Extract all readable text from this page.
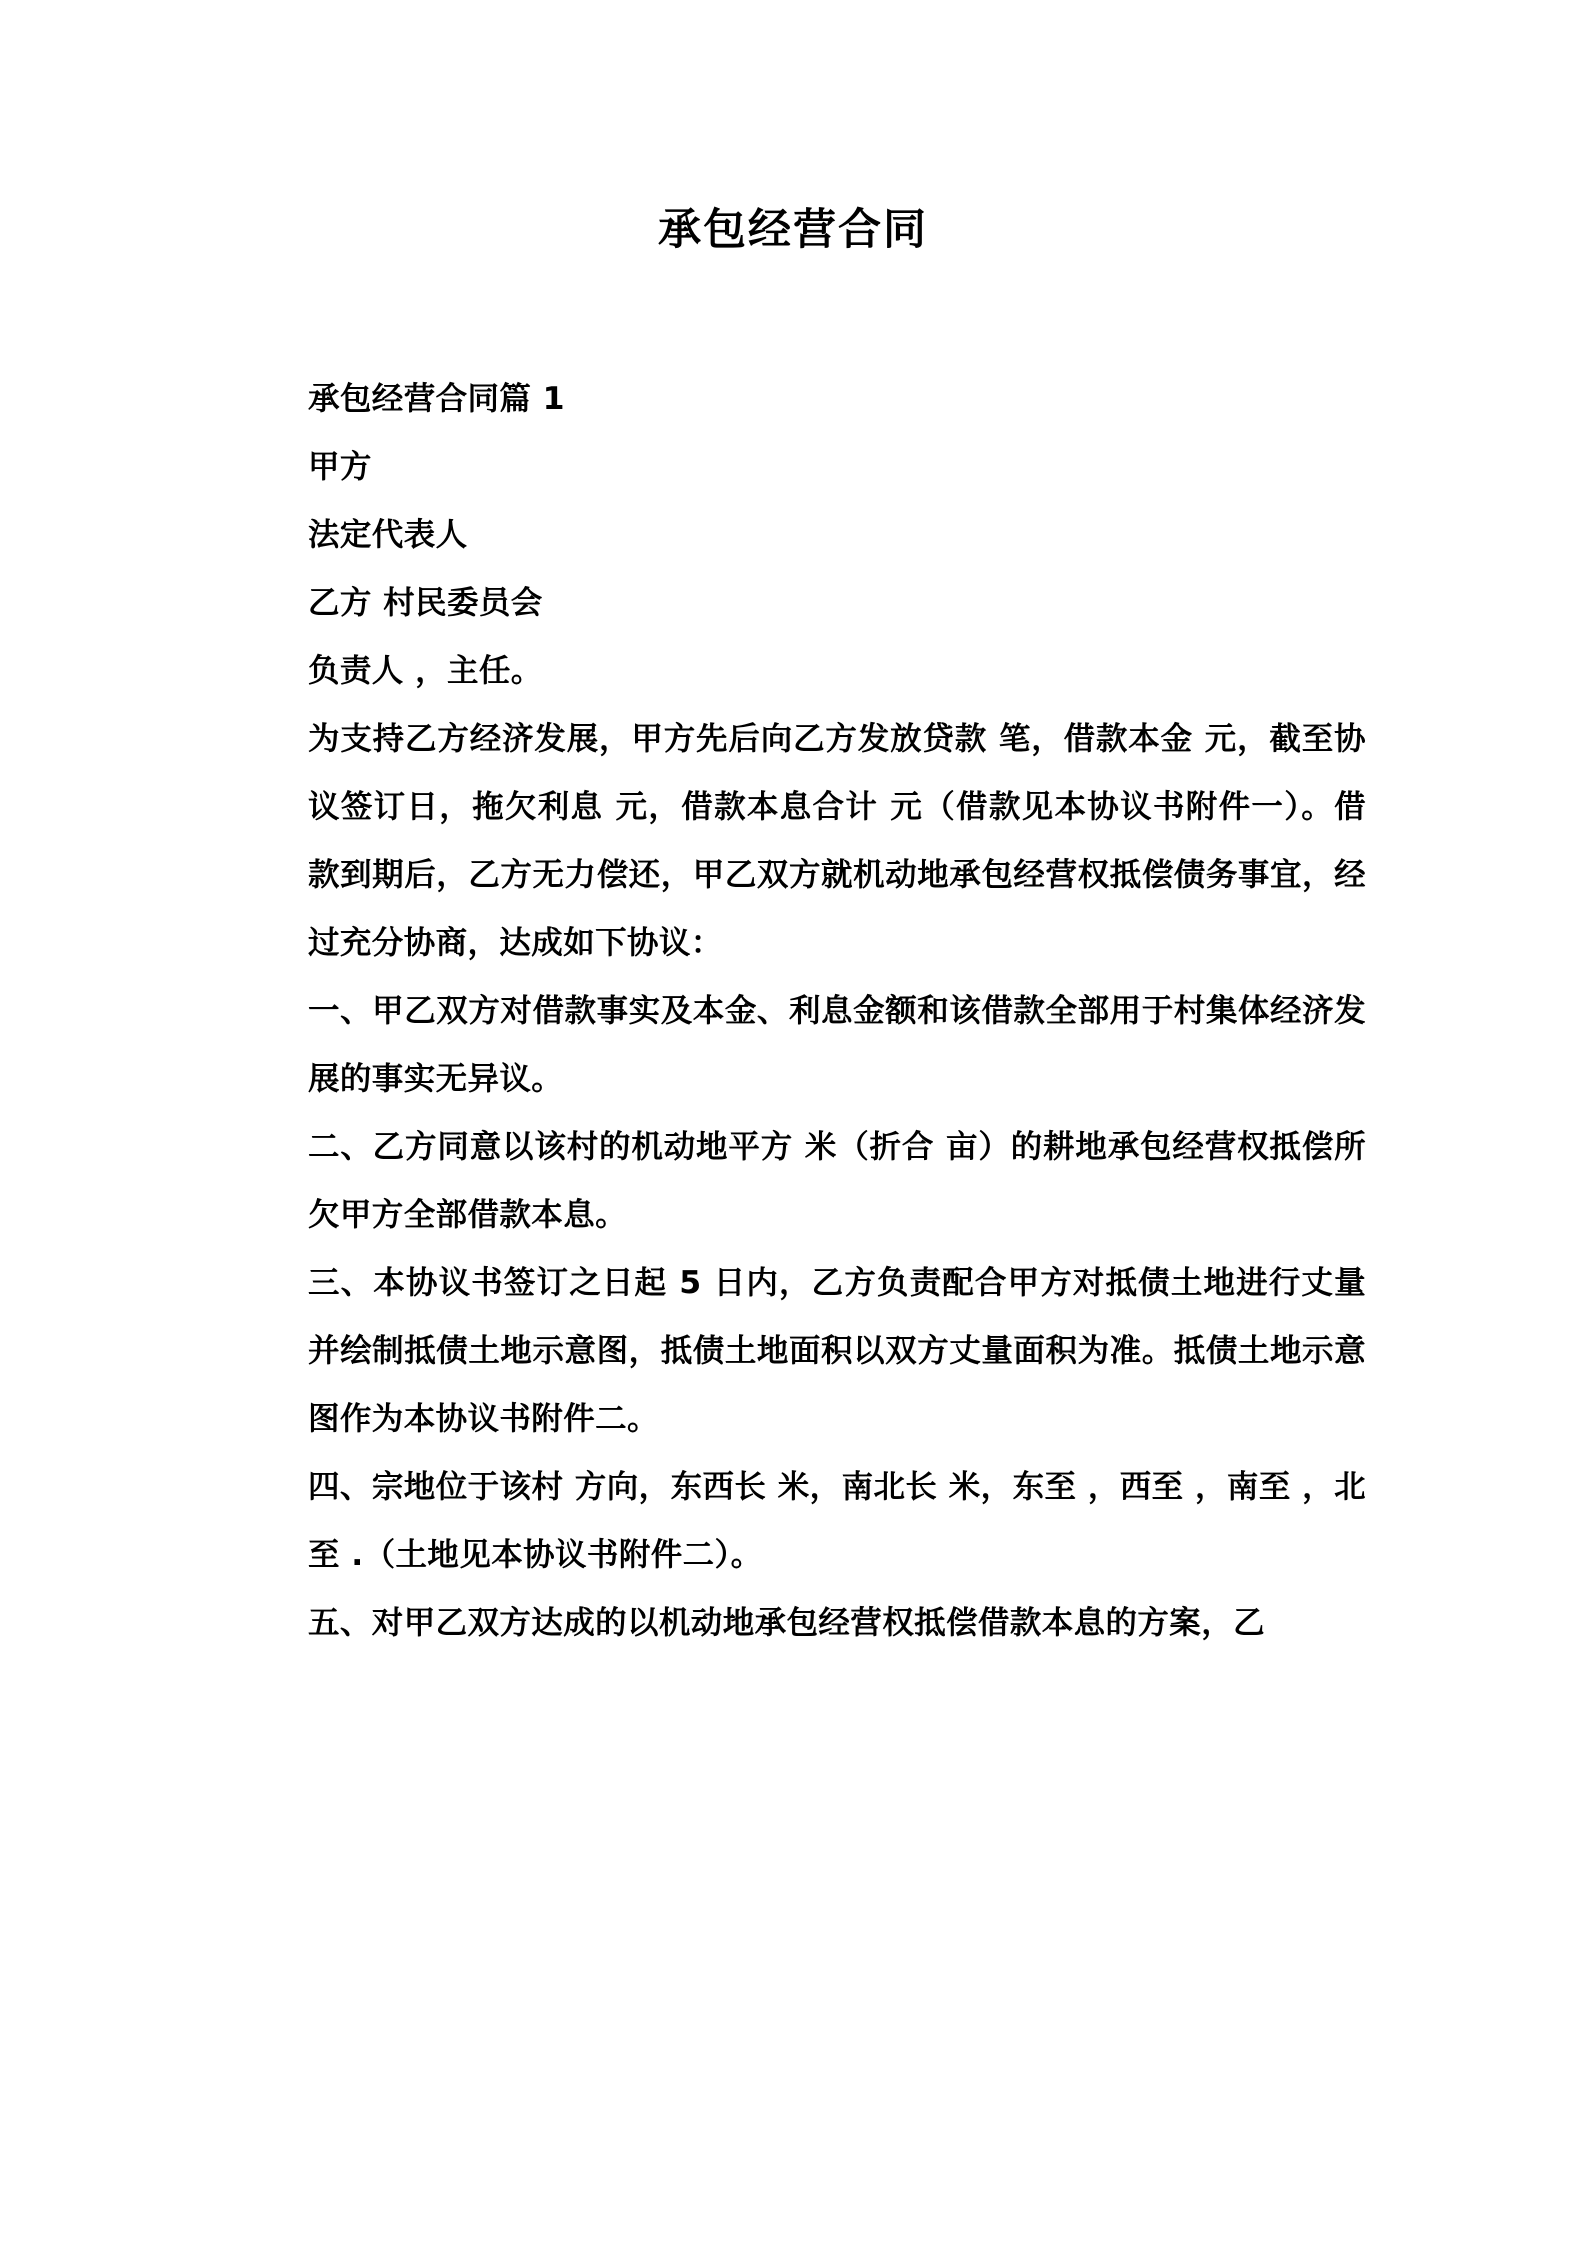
承包经营合同

承包经营合同篇 1

甲方

法定代表人

乙方 村民委员会

负责人 ，主任。

为支持乙方经济发展，甲方先后向乙方发放贷款 笔，借款本金 元，截至协议签订日，拖欠利息 元，借款本息合计 元（借款见本协议书附件一）。借款到期后，乙方无力偿还，甲乙双方就机动地承包经营权抵偿债务事宜，经过充分协商，达成如下协议：

一、甲乙双方对借款事实及本金、利息金额和该借款全部用于村集体经济发展的事实无异议。

二、乙方同意以该村的机动地平方 米（折合 亩）的耕地承包经营权抵偿所欠甲方全部借款本息。

三、本协议书签订之日起 5 日内，乙方负责配合甲方对抵债土地进行丈量并绘制抵债土地示意图，抵债土地面积以双方丈量面积为准。抵债土地示意图作为本协议书附件二。

四、宗地位于该村 方向，东西长 米，南北长 米，东至 ，西至 ，南至 ，北至 .（土地见本协议书附件二）。

五、对甲乙双方达成的以机动地承包经营权抵偿借款本息的方案，乙
